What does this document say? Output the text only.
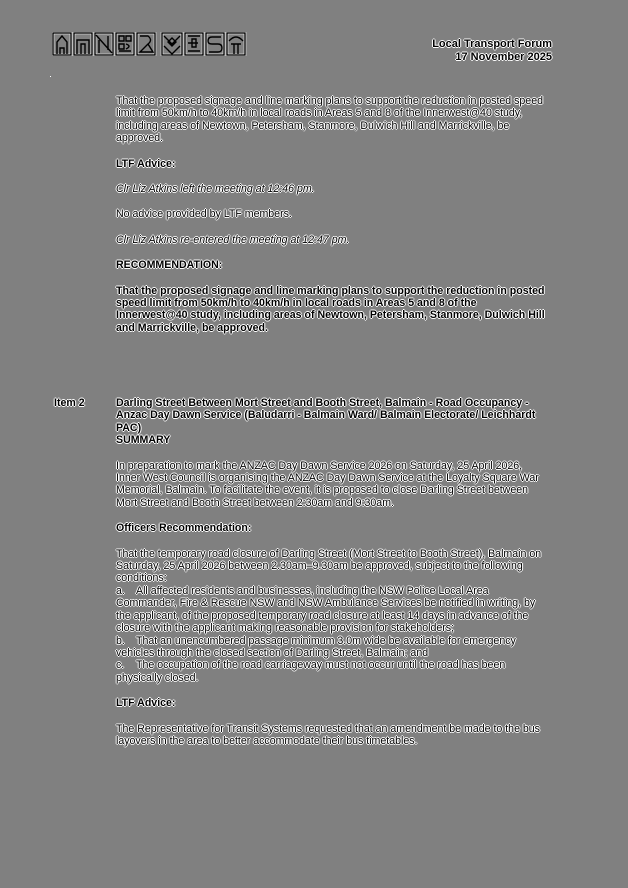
Local Transport Forum
17 November 2025

That the proposed signage and line marking plans to support the reduction in posted speed limit from 50km/h to 40km/h in local roads in Areas 5 and 8 of the Innerwest@40 study, including areas of Newtown, Petersham, Stanmore, Dulwich Hill and Marrickville, be approved.

LTF Advice:

Clr Liz Atkins left the meeting at 12:46 pm.

No advice provided by LTF members.

Clr Liz Atkins re-entered the meeting at 12:47 pm.

RECOMMENDATION:

That the proposed signage and line marking plans to support the reduction in posted speed limit from 50km/h to 40km/h in local roads in Areas 5 and 8 of the Innerwest@40 study, including areas of Newtown, Petersham, Stanmore, Dulwich Hill and Marrickville, be approved.

Item 2	Darling Street Between Mort Street and Booth Street, Balmain - Road Occupancy - Anzac Day Dawn Service (Baludarri - Balmain Ward/ Balmain Electorate/ Leichhardt PAC)

SUMMARY

In preparation to mark the ANZAC Day Dawn Service 2026 on Saturday, 25 April 2026, Inner West Council is organising the ANZAC Day Dawn Service at the Loyalty Square War Memorial, Balmain. To facilitate the event, it is proposed to close Darling Street between Mort Street and Booth Street between 2:30am and 9:30am.

Officers Recommendation:

That the temporary road closure of Darling Street (Mort Street to Booth Street), Balmain on Saturday, 25 April 2026 between 2.30am–9.30am be approved, subject to the following conditions:

a. All affected residents and businesses, including the NSW Police Local Area Commander, Fire & Rescue NSW and NSW Ambulance Services be notified in writing, by the applicant, of the proposed temporary road closure at least 14 days in advance of the closure with the applicant making reasonable provision for stakeholders;

b. That an unencumbered passage minimum 3.0m wide be available for emergency vehicles through the closed section of Darling Street, Balmain; and

c. The occupation of the road carriageway must not occur until the road has been physically closed.

LTF Advice:

The Representative for Transit Systems requested that an amendment be made to the bus layovers in the area to better accommodate their bus timetables.
